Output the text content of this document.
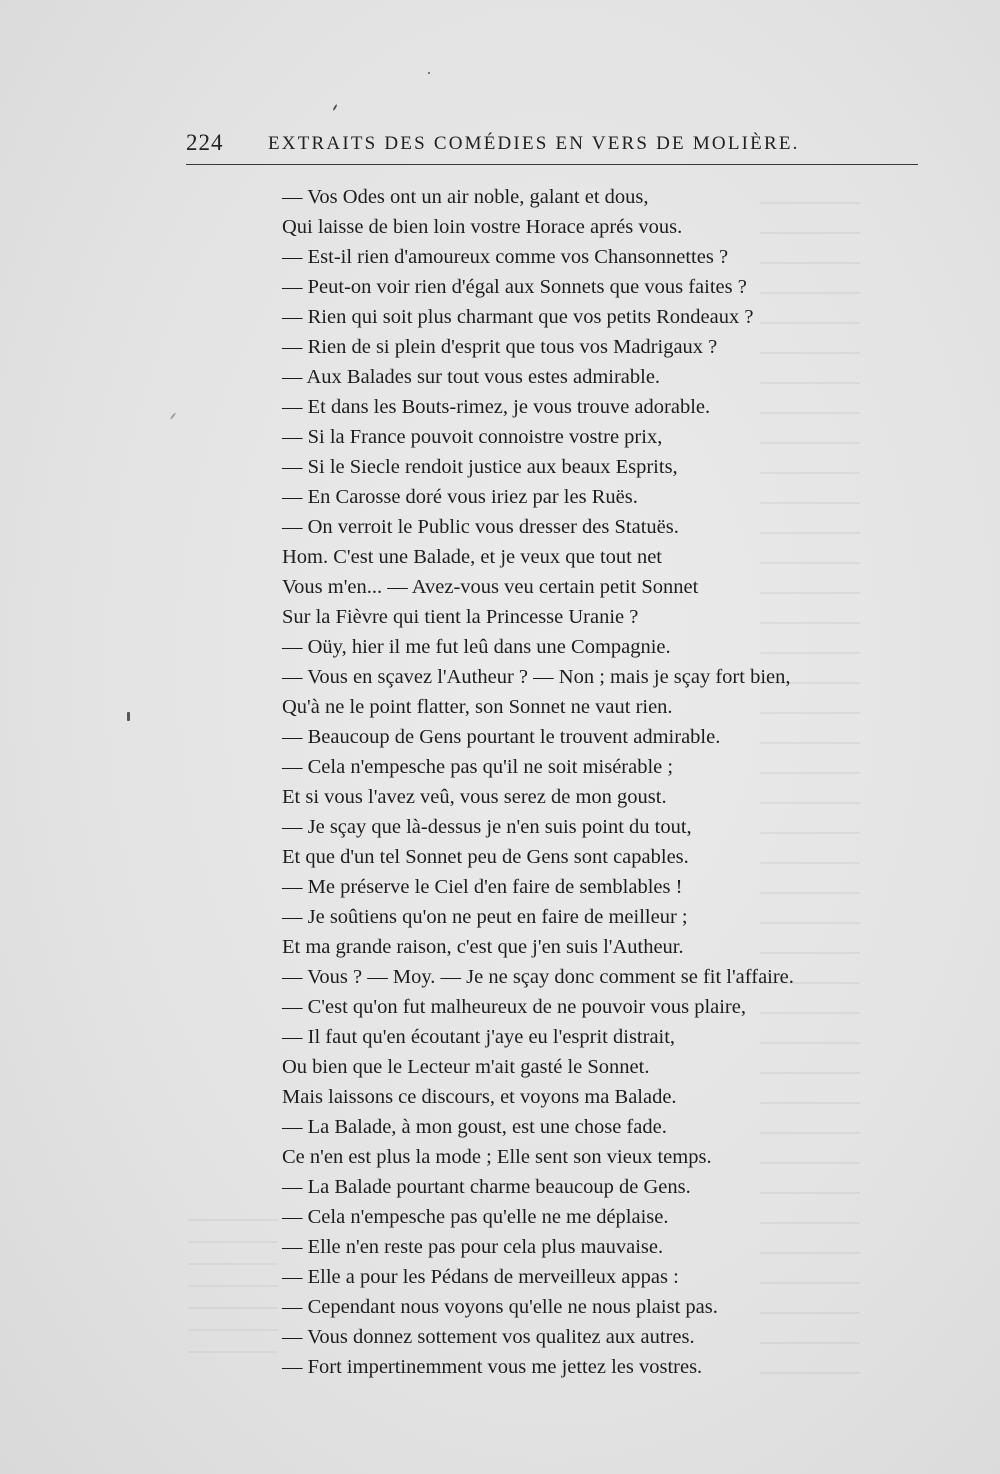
224 EXTRAITS DES COMÉDIES EN VERS DE MOLIÈRE.
— Vos Odes ont un air noble, galant et dous,
Qui laisse de bien loin vostre Horace aprés vous.
— Est-il rien d'amoureux comme vos Chansonnettes ?
— Peut-on voir rien d'égal aux Sonnets que vous faites ?
— Rien qui soit plus charmant que vos petits Rondeaux ?
— Rien de si plein d'esprit que tous vos Madrigaux ?
— Aux Balades sur tout vous estes admirable.
— Et dans les Bouts-rimez, je vous trouve adorable.
— Si la France pouvoit connoistre vostre prix,
— Si le Siecle rendoit justice aux beaux Esprits,
— En Carosse doré vous iriez par les Ruës.
— On verroit le Public vous dresser des Statuës.
Hom. C'est une Balade, et je veux que tout net
Vous m'en... — Avez-vous veu certain petit Sonnet
Sur la Fièvre qui tient la Princesse Uranie ?
— Oüy, hier il me fut leû dans une Compagnie.
— Vous en sçavez l'Autheur ? — Non ; mais je sçay fort bien,
Qu'à ne le point flatter, son Sonnet ne vaut rien.
— Beaucoup de Gens pourtant le trouvent admirable.
— Cela n'empesche pas qu'il ne soit misérable ;
Et si vous l'avez veû, vous serez de mon goust.
— Je sçay que là-dessus je n'en suis point du tout,
Et que d'un tel Sonnet peu de Gens sont capables.
— Me préserve le Ciel d'en faire de semblables !
— Je soûtiens qu'on ne peut en faire de meilleur ;
Et ma grande raison, c'est que j'en suis l'Autheur.
— Vous ? — Moy. — Je ne sçay donc comment se fit l'affaire.
— C'est qu'on fut malheureux de ne pouvoir vous plaire,
— Il faut qu'en écoutant j'aye eu l'esprit distrait,
Ou bien que le Lecteur m'ait gasté le Sonnet.
Mais laissons ce discours, et voyons ma Balade.
— La Balade, à mon goust, est une chose fade.
Ce n'en est plus la mode ; Elle sent son vieux temps.
— La Balade pourtant charme beaucoup de Gens.
— Cela n'empesche pas qu'elle ne me déplaise.
— Elle n'en reste pas pour cela plus mauvaise.
— Elle a pour les Pédans de merveilleux appas :
— Cependant nous voyons qu'elle ne nous plaist pas.
— Vous donnez sottement vos qualitez aux autres.
— Fort impertinemment vous me jettez les vostres.
